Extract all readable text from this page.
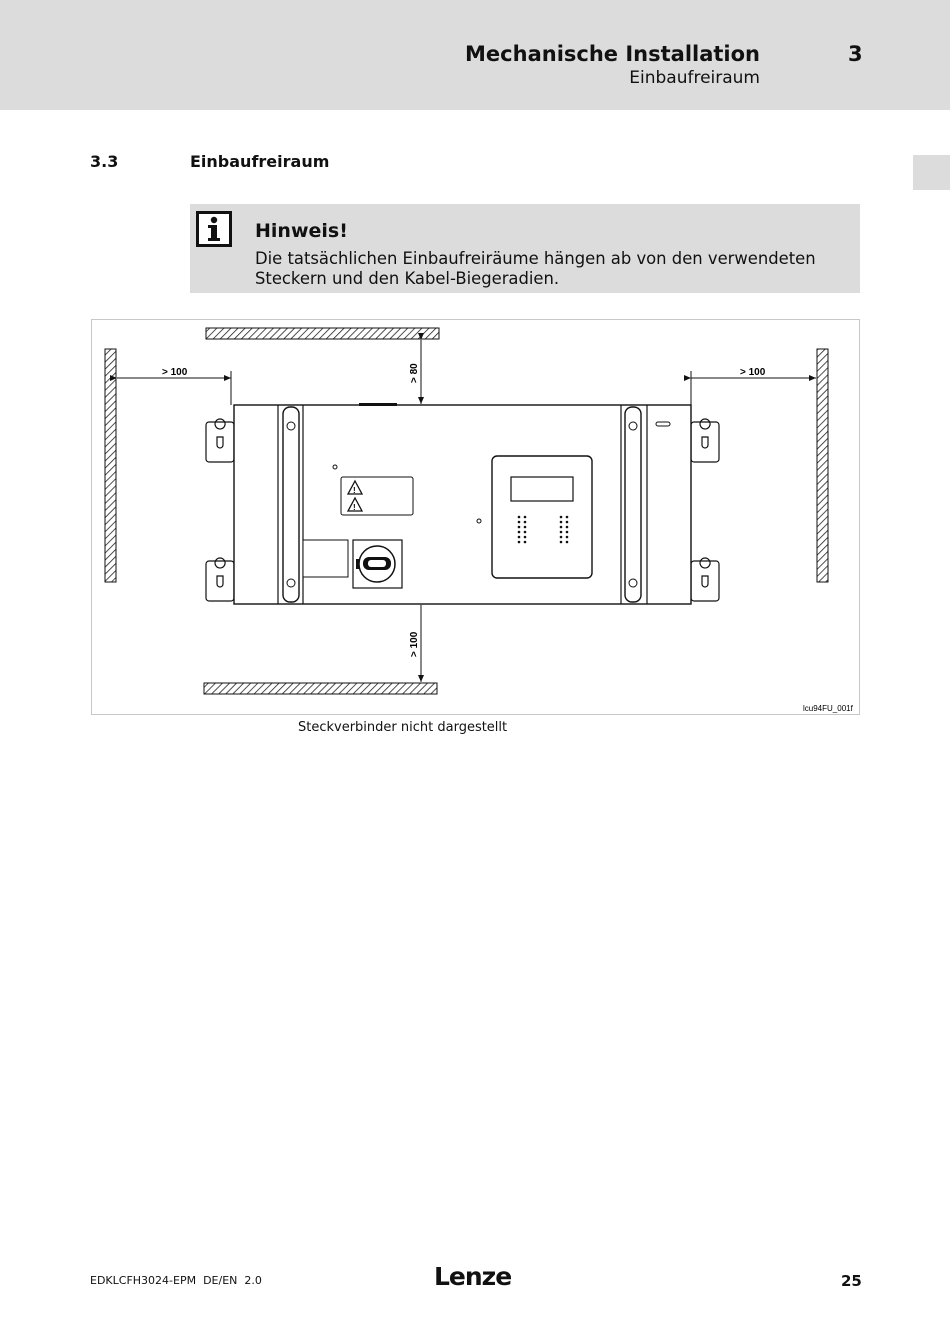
Mechanische Installation
Einbaufreiraum
3
3.3	Einbaufreiraum
Hinweis!
Die tatsächlichen Einbaufreiräume hängen ab von den verwendeten Steckern und den Kabel-Biegeradien.
> 100	> 100
> 80
> 100
!
!
lcu94FU_001f
Steckverbinder nicht dargestellt
EDKLCFH3024-EPM  DE/EN  2.0	Lenze	25
